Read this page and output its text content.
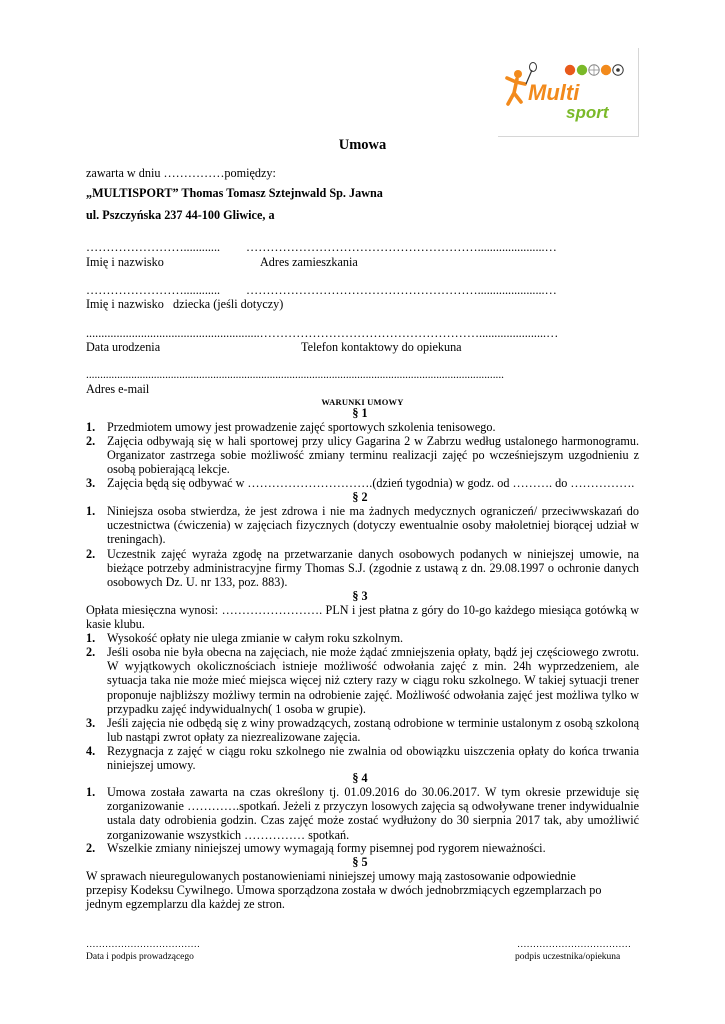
Multi
sport
Umowa
zawarta w dniu ……………pomiędzy:
„MULTISPORT” Thomas Tomasz Sztejnwald Sp. Jawna
ul. Pszczyńska 237 44-100 Gliwice, a
……………………............ …………………………………………………......................…
Imię i nazwisko	Adres zamieszkania
……………………............ …………………………………………………......................…
Imię i nazwisko   dziecka (jeśli dotyczy)
.........................................................………………………………………………......................…
Data urodzenia	Telefon kontaktowy do opiekuna
....................................................................................................................................................
Adres e-mail
WARUNKI UMOWY
§ 1
1. Przedmiotem umowy jest prowadzenie zajęć sportowych szkolenia tenisowego.
2. Zajęcia odbywają się w hali sportowej przy ulicy Gagarina 2 w Zabrzu według ustalonego harmonogramu. Organizator zastrzega sobie możliwość zmiany terminu realizacji zajęć po wcześniejszym uzgodnieniu z osobą pobierającą lekcje.
3. Zajęcia będą się odbywać w ………………………….(dzień tygodnia) w godz. od ………. do …………….
§ 2
1. Niniejsza osoba stwierdza, że jest zdrowa i nie ma żadnych medycznych ograniczeń/ przeciwwskazań do uczestnictwa (ćwiczenia) w zajęciach fizycznych (dotyczy ewentualnie osoby małoletniej biorącej udział w treningach).
2. Uczestnik zajęć wyraża zgodę na przetwarzanie danych osobowych podanych w niniejszej umowie, na bieżące potrzeby administracyjne firmy Thomas S.J. (zgodnie z ustawą z dn. 29.08.1997 o ochronie danych osobowych Dz. U. nr 133, poz. 883).
§ 3
Opłata miesięczna wynosi: ……………………. PLN i jest płatna z góry do 10-go każdego miesiąca gotówką w kasie klubu.
1. Wysokość opłaty nie ulega zmianie w całym roku szkolnym.
2. Jeśli osoba nie była obecna na zajęciach, nie może żądać zmniejszenia opłaty, bądź jej częściowego zwrotu. W wyjątkowych okolicznościach istnieje możliwość odwołania zajęć z min. 24h wyprzedzeniem, ale sytuacja taka nie może mieć miejsca więcej niż cztery razy w ciągu roku szkolnego. W takiej sytuacji trener proponuje najbliższy możliwy termin na odrobienie zajęć. Możliwość odwołania zajęć jest możliwa tylko w przypadku zajęć indywidualnych( 1 osoba w grupie).
3. Jeśli zajęcia nie odbędą się z winy prowadzących, zostaną odrobione w terminie ustalonym z osobą szkoloną lub nastąpi zwrot opłaty za niezrealizowane zajęcia.
4. Rezygnacja z zajęć w ciągu roku szkolnego nie zwalnia od obowiązku uiszczenia opłaty do końca trwania niniejszej umowy.
§ 4
1. Umowa została zawarta na czas określony tj. 01.09.2016 do 30.06.2017. W tym okresie przewiduje się zorganizowanie ………….spotkań. Jeżeli z przyczyn losowych zajęcia są odwoływane trener indywidualnie ustala daty odrobienia godzin. Czas zajęć może zostać wydłużony do 30 sierpnia 2017 tak, aby umożliwić zorganizowanie wszystkich …………… spotkań.
2. Wszelkie zmiany niniejszej umowy wymagają formy pisemnej pod rygorem nieważności.
§ 5
W sprawach nieuregulowanych postanowieniami niniejszej umowy mają zastosowanie odpowiednie przepisy Kodeksu Cywilnego. Umowa sporządzona została w dwóch jednobrzmiących egzemplarzach po jednym egzemplarzu dla każdej ze stron.
………………………………
Data i podpis prowadzącego
………………………………
podpis uczestnika/opiekuna
